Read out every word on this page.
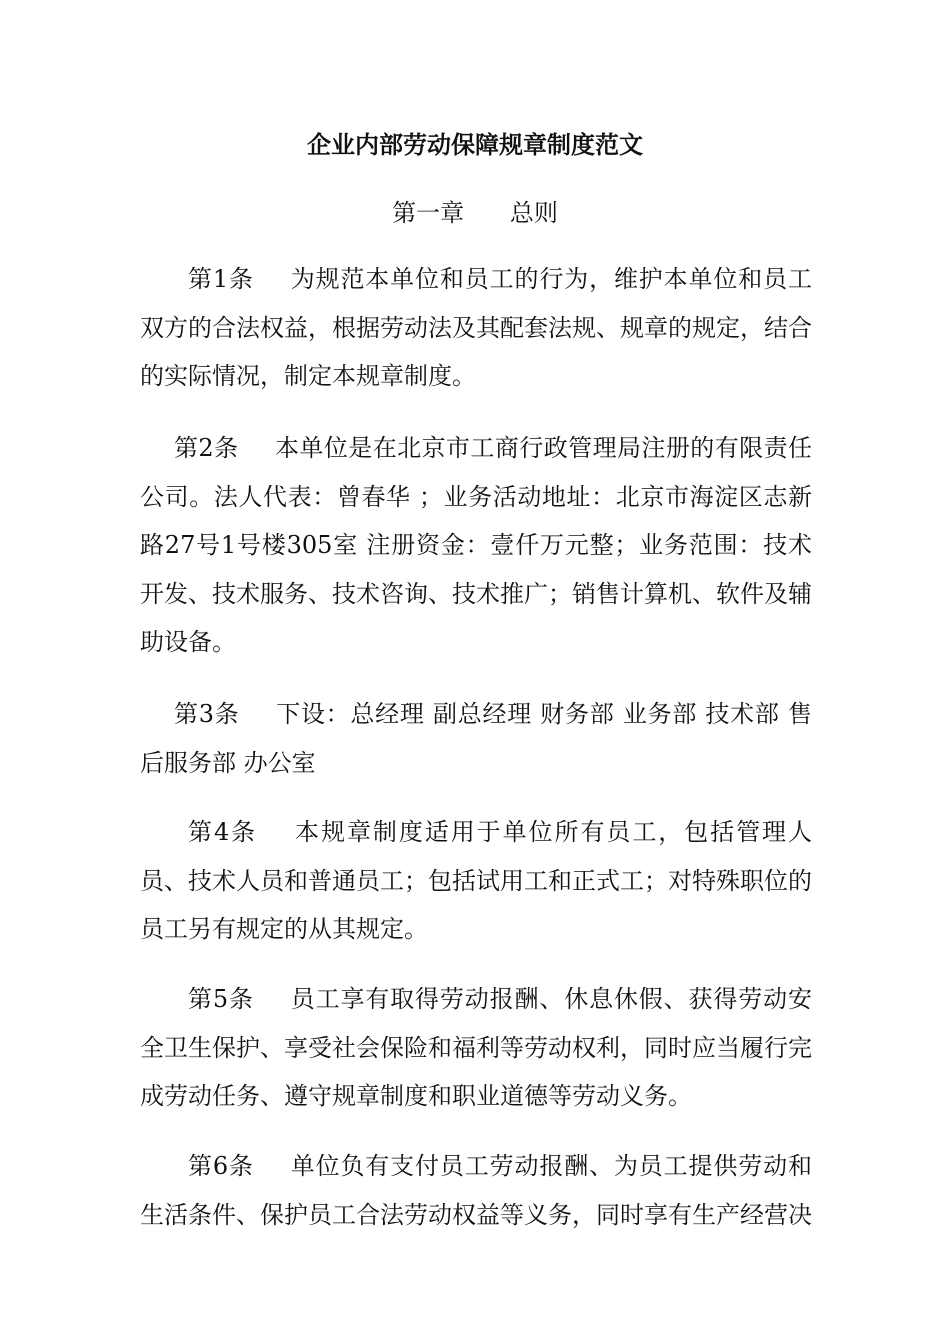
企业内部劳动保障规章制度范文
第一章      总则
第1条 为规范本单位和员工的行为，维护本单位和员工双方的合法权益，根据劳动法及其配套法规、规章的规定，结合的实际情况，制定本规章制度。
第2条 本单位是在北京市工商行政管理局注册的有限责任公司。法人代表：曾春华 ；业务活动地址：北京市海淀区志新路27号1号楼305室 注册资金：壹仟万元整；业务范围：技术开发、技术服务、技术咨询、技术推广；销售计算机、软件及辅助设备。
第3条 下设：总经理 副总经理 财务部 业务部 技术部 售后服务部 办公室
第4条 本规章制度适用于单位所有员工，包括管理人员、技术人员和普通员工；包括试用工和正式工；对特殊职位的员工另有规定的从其规定。
第5条 员工享有取得劳动报酬、休息休假、获得劳动安全卫生保护、享受社会保险和福利等劳动权利，同时应当履行完成劳动任务、遵守规章制度和职业道德等劳动义务。
第6条 单位负有支付员工劳动报酬、为员工提供劳动和生活条件、保护员工合法劳动权益等义务，同时享有生产经营决
